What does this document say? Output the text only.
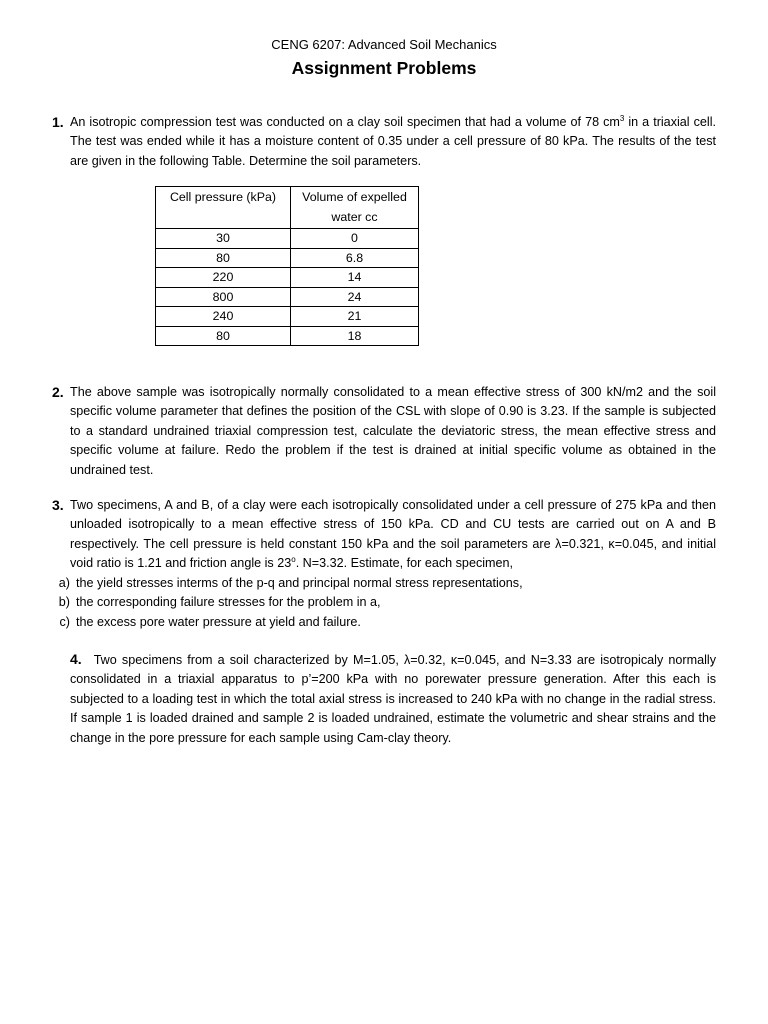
CENG 6207: Advanced Soil Mechanics
Assignment Problems
1. An isotropic compression test was conducted on a clay soil specimen that had a volume of 78 $cm^3$ in a triaxial cell. The test was ended while it has a moisture content of 0.35 under a cell pressure of 80 kPa. The results of the test are given in the following Table. Determine the soil parameters.
Cell pressure (kPa)	Volume of expelled water cc
30	0
80	6.8
220	14
800	24
240	21
80	18
2. The above sample was isotropically normally consolidated to a mean effective stress of 300 kN/m2 and the soil specific volume parameter that defines the position of the CSL with slope of 0.90 is 3.23. If the sample is subjected to a standard undrained triaxial compression test, calculate the deviatoric stress, the mean effective stress and specific volume at failure. Redo the problem if the test is drained at initial specific volume as obtained in the undrained test.
3. Two specimens, A and B, of a clay were each isotropically consolidated under a cell pressure of 275 kPa and then unloaded isotropically to a mean effective stress of 150 kPa. CD and CU tests are carried out on A and B respectively. The cell pressure is held constant 150 kPa and the soil parameters are λ=0.321, κ=0.045, and initial void ratio is 1.21 and friction angle is 23$^o$. N=3.32. Estimate, for each specimen,
a) the yield stresses interms of the p-q and principal normal stress representations,
b) the corresponding failure stresses for the problem in a,
c) the excess pore water pressure at yield and failure.
4. Two specimens from a soil characterized by M=1.05, λ=0.32, κ=0.045, and N=3.33 are isotropicaly normally consolidated in a triaxial apparatus to p’=200 kPa with no porewater pressure generation. After this each is subjected to a loading test in which the total axial stress is increased to 240 kPa with no change in the radial stress. If sample 1 is loaded drained and sample 2 is loaded undrained, estimate the volumetric and shear strains and the change in the pore pressure for each sample using Cam-clay theory.
